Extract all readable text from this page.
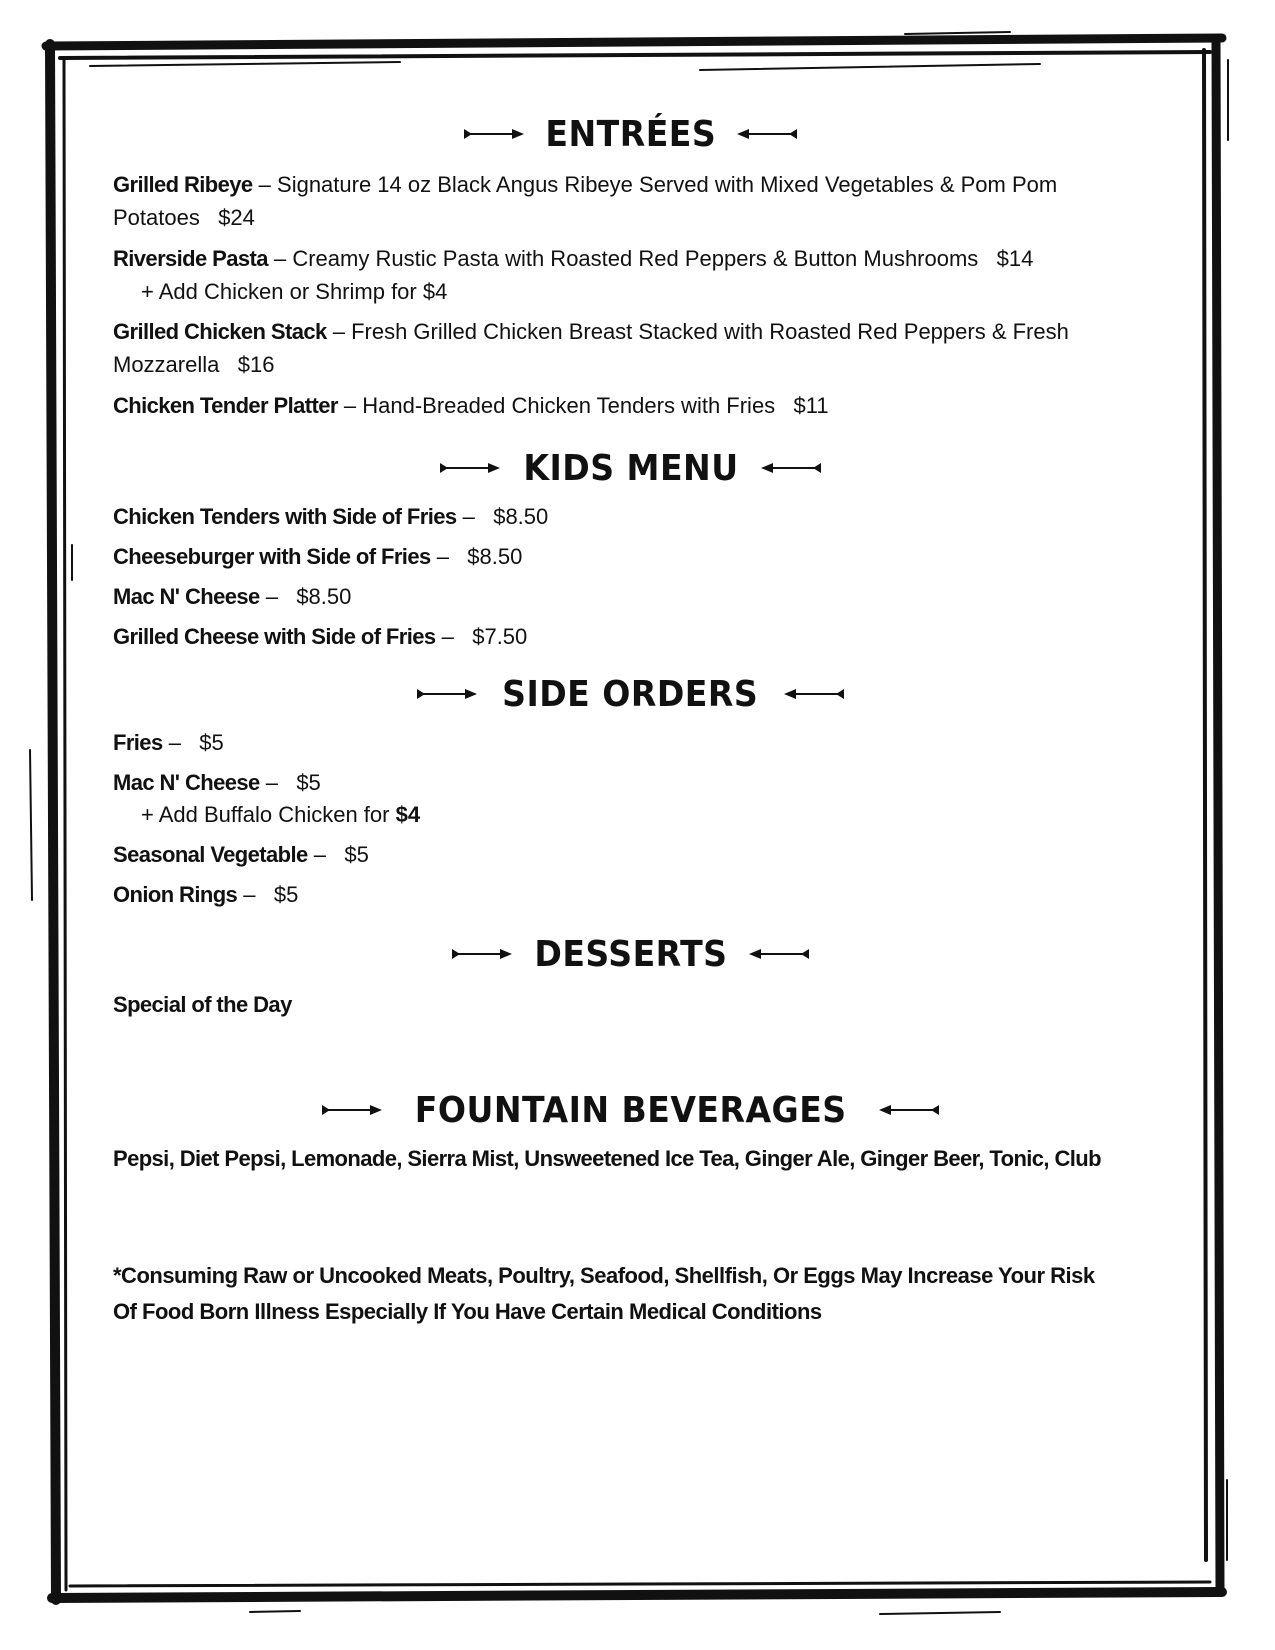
ENTRÉES
Grilled Ribeye – Signature 14 oz Black Angus Ribeye Served with Mixed Vegetables & Pom Pom Potatoes $24
Riverside Pasta – Creamy Rustic Pasta with Roasted Red Peppers & Button Mushrooms $14
+ Add Chicken or Shrimp for $4
Grilled Chicken Stack – Fresh Grilled Chicken Breast Stacked with Roasted Red Peppers & Fresh Mozzarella $16
Chicken Tender Platter – Hand-Breaded Chicken Tenders with Fries $11
KIDS MENU
Chicken Tenders with Side of Fries –   $8.50
Cheeseburger with Side of Fries –   $8.50
Mac N' Cheese –   $8.50
Grilled Cheese with Side of Fries –   $7.50
SIDE ORDERS
Fries –   $5
Mac N' Cheese –   $5
+ Add Buffalo Chicken for $4
Seasonal Vegetable –   $5
Onion Rings –   $5
DESSERTS
Special of the Day
FOUNTAIN BEVERAGES
Pepsi, Diet Pepsi, Lemonade, Sierra Mist, Unsweetened Ice Tea, Ginger Ale, Ginger Beer, Tonic, Club
*Consuming Raw or Uncooked Meats, Poultry, Seafood, Shellfish, Or Eggs May Increase Your Risk Of Food Born Illness Especially If You Have Certain Medical Conditions
